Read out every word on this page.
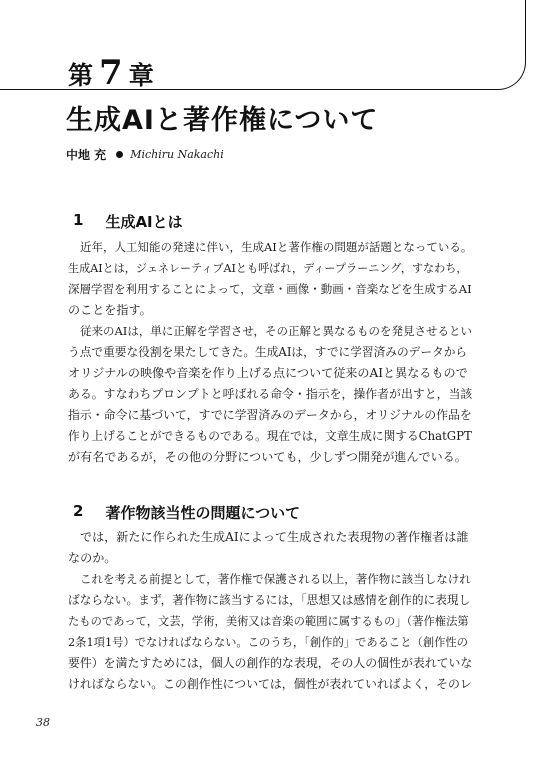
第 7 章
生成AIと著作権について
中地 充 Michiru Nakachi
1 生成AIとは
近年，人工知能の発達に伴い，生成AIと著作権の問題が話題となっている。
生成AIとは，ジェネレーティブAIとも呼ばれ，ディープラーニング，すなわち，
深層学習を利用することによって，文章・画像・動画・音楽などを生成するAI
のことを指す。
従来のAIは，単に正解を学習させ，その正解と異なるものを発見させるとい
う点で重要な役割を果たしてきた。生成AIは，すでに学習済みのデータから
オリジナルの映像や音楽を作り上げる点について従来のAIと異なるもので
ある。すなわちプロンプトと呼ばれる命令・指示を，操作者が出すと，当該
指示・命令に基づいて，すでに学習済みのデータから，オリジナルの作品を
作り上げることができるものである。現在では，文章生成に関するChatGPT
が有名であるが，その他の分野についても，少しずつ開発が進んでいる。
2 著作物該当性の問題について
では，新たに作られた生成AIによって生成された表現物の著作権者は誰
なのか。
これを考える前提として，著作権で保護される以上，著作物に該当しなけれ
ばならない。まず，著作物に該当するには，「思想又は感情を創作的に表現し
たものであって，文芸，学術，美術又は音楽の範囲に属するもの」（著作権法第
2条1項1号）でなければならない。このうち，「創作的」であること（創作性の
要件）を満たすためには，個人の創作的な表現，その人の個性が表れていな
ければならない。この創作性については，個性が表れていればよく，そのレ
38
